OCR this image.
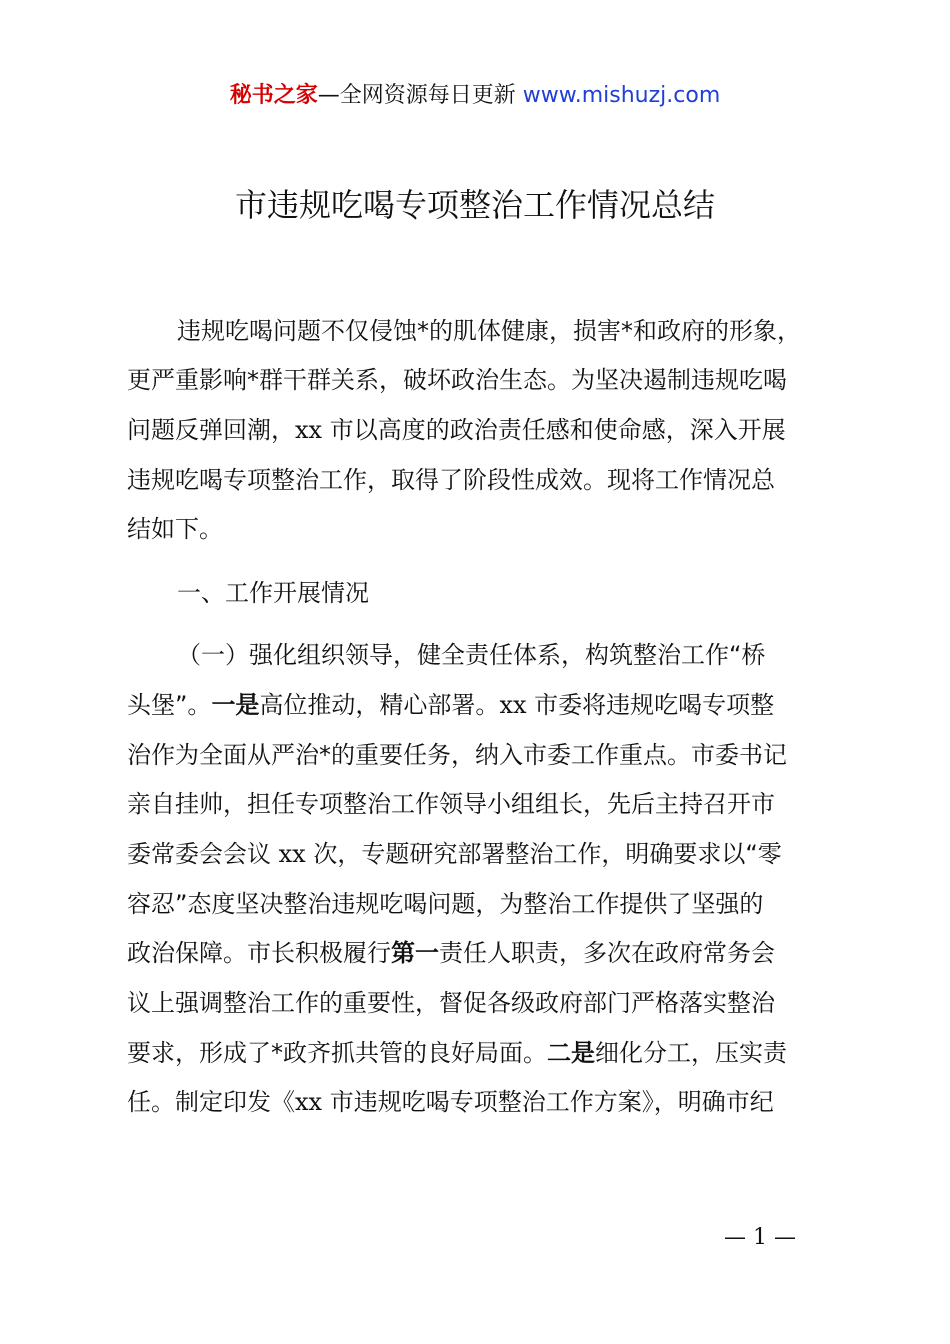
秘书之家—全网资源每日更新 www.mishuzj.com
市违规吃喝专项整治工作情况总结
违规吃喝问题不仅侵蚀*的肌体健康，损害*和政府的形象，
更严重影响*群干群关系，破坏政治生态。为坚决遏制违规吃喝
问题反弹回潮，xx 市以高度的政治责任感和使命感，深入开展
违规吃喝专项整治工作，取得了阶段性成效。现将工作情况总
结如下。
一、工作开展情况
（一）强化组织领导，健全责任体系，构筑整治工作“桥
头堡”。一是高位推动，精心部署。xx 市委将违规吃喝专项整
治作为全面从严治*的重要任务，纳入市委工作重点。市委书记
亲自挂帅，担任专项整治工作领导小组组长，先后主持召开市
委常委会会议 xx 次，专题研究部署整治工作，明确要求以“零
容忍”态度坚决整治违规吃喝问题，为整治工作提供了坚强的
政治保障。市长积极履行第一责任人职责，多次在政府常务会
议上强调整治工作的重要性，督促各级政府部门严格落实整治
要求，形成了*政齐抓共管的良好局面。二是细化分工，压实责
任。制定印发《xx 市违规吃喝专项整治工作方案》，明确市纪
— 1 —
